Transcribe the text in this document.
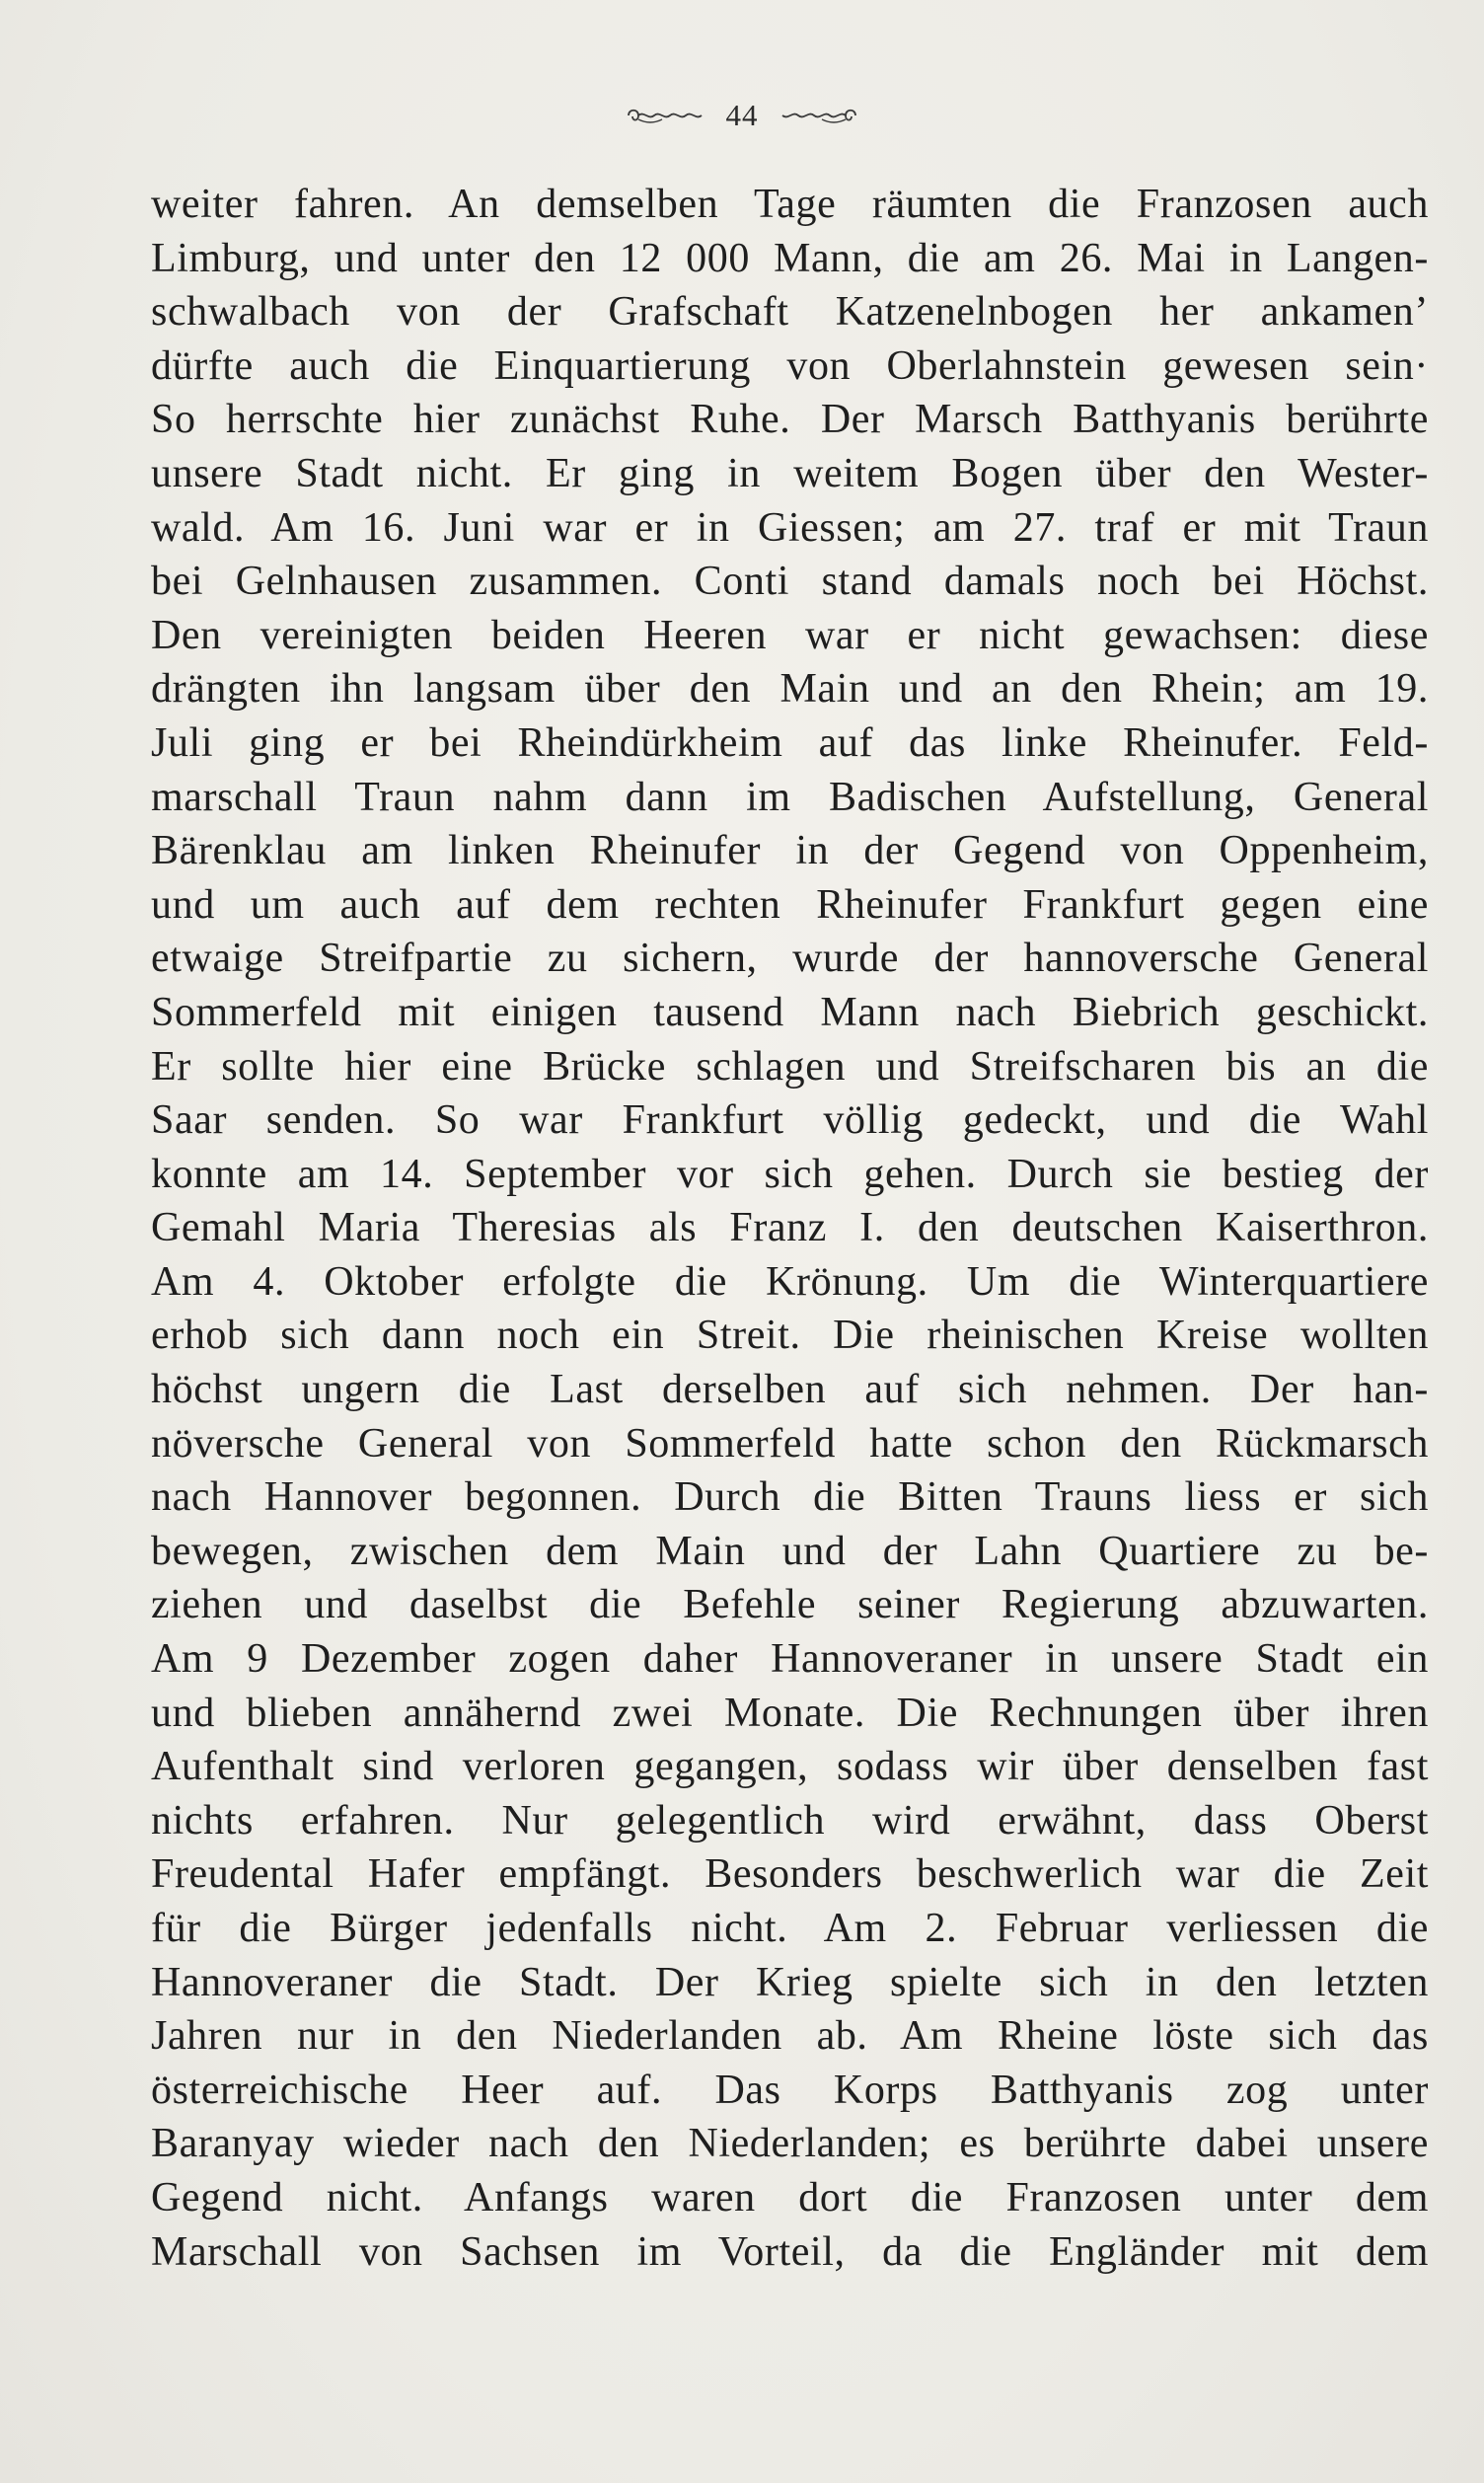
44
weiter fahren. An demselben Tage räumten die Franzosen auch
Limburg, und unter den 12 000 Mann, die am 26. Mai in Langen-
schwalbach von der Grafschaft Katzenelnbogen her ankamen’
dürfte auch die Einquartierung von Oberlahnstein gewesen sein·
So herrschte hier zunächst Ruhe. Der Marsch Batthyanis berührte
unsere Stadt nicht. Er ging in weitem Bogen über den Wester-
wald. Am 16. Juni war er in Giessen; am 27. traf er mit Traun
bei Gelnhausen zusammen. Conti stand damals noch bei Höchst.
Den vereinigten beiden Heeren war er nicht gewachsen: diese
drängten ihn langsam über den Main und an den Rhein; am 19.
Juli ging er bei Rheindürkheim auf das linke Rheinufer. Feld-
marschall Traun nahm dann im Badischen Aufstellung, General
Bärenklau am linken Rheinufer in der Gegend von Oppenheim,
und um auch auf dem rechten Rheinufer Frankfurt gegen eine
etwaige Streifpartie zu sichern, wurde der hannoversche General
Sommerfeld mit einigen tausend Mann nach Biebrich geschickt.
Er sollte hier eine Brücke schlagen und Streifscharen bis an die
Saar senden. So war Frankfurt völlig gedeckt, und die Wahl
konnte am 14. September vor sich gehen. Durch sie bestieg der
Gemahl Maria Theresias als Franz I. den deutschen Kaiserthron.
Am 4. Oktober erfolgte die Krönung. Um die Winterquartiere
erhob sich dann noch ein Streit. Die rheinischen Kreise wollten
höchst ungern die Last derselben auf sich nehmen. Der han-
növersche General von Sommerfeld hatte schon den Rückmarsch
nach Hannover begonnen. Durch die Bitten Trauns liess er sich
bewegen, zwischen dem Main und der Lahn Quartiere zu be-
ziehen und daselbst die Befehle seiner Regierung abzuwarten.
Am 9 Dezember zogen daher Hannoveraner in unsere Stadt ein
und blieben annähernd zwei Monate. Die Rechnungen über ihren
Aufenthalt sind verloren gegangen, sodass wir über denselben fast
nichts erfahren. Nur gelegentlich wird erwähnt, dass Oberst
Freudental Hafer empfängt. Besonders beschwerlich war die Zeit
für die Bürger jedenfalls nicht. Am 2. Februar verliessen die
Hannoveraner die Stadt. Der Krieg spielte sich in den letzten
Jahren nur in den Niederlanden ab. Am Rheine löste sich das
österreichische Heer auf. Das Korps Batthyanis zog unter
Baranyay wieder nach den Niederlanden; es berührte dabei unsere
Gegend nicht. Anfangs waren dort die Franzosen unter dem
Marschall von Sachsen im Vorteil, da die Engländer mit dem
